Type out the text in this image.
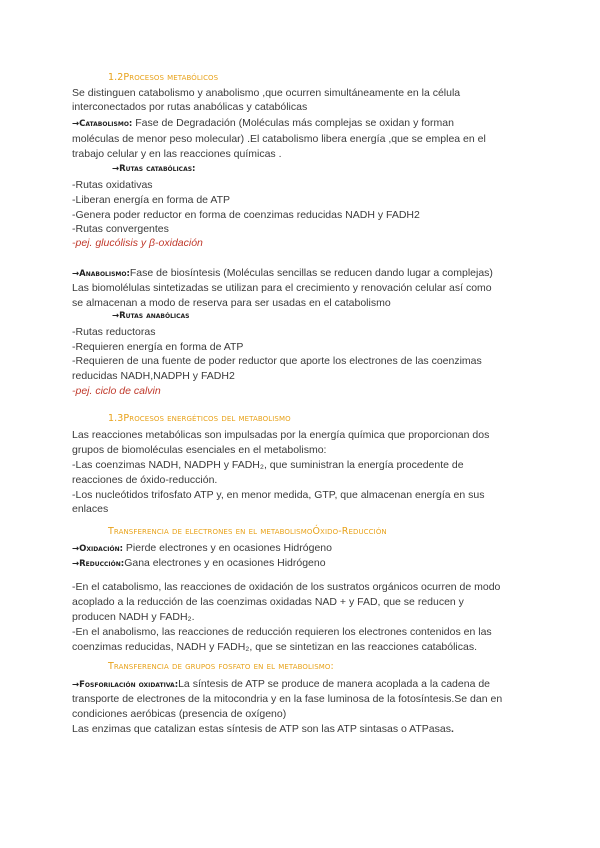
1.2Procesos metabólicos
Se distinguen catabolismo y anabolismo ,que ocurren simultáneamente en la célula
interconectados por rutas anabólicas y catabólicas
→Catabolismo: Fase de Degradación (Moléculas más complejas se oxidan y forman
moléculas de menor peso molecular) .El catabolismo libera energía ,que se emplea en el
trabajo celular y en las reacciones químicas .
→Rutas catabólicas:
-Rutas oxidativas
-Liberan energía en forma de ATP
-Genera poder reductor en forma de coenzimas reducidas NADH y FADH2
-Rutas convergentes
-pej. glucólisis y β-oxidación
→Anabolismo:Fase de biosíntesis (Moléculas sencillas se reducen dando lugar a complejas)
Las biomolélulas sintetizadas se utilizan para el crecimiento y renovación celular así como
se almacenan a modo de reserva para ser usadas en el catabolismo
→Rutas anabólicas
-Rutas reductoras
-Requieren energía en forma de ATP
-Requieren de una fuente de poder reductor que aporte los electrones de las coenzimas
reducidas NADH,NADPH y FADH2
-pej. ciclo de calvin
1.3Procesos energéticos del metabolismo
Las reacciones metabólicas son impulsadas por la energía química que proporcionan dos
grupos de biomoléculas esenciales en el metabolismo:
-Las coenzimas NADH, NADPH y FADH₂, que suministran la energía procedente de
reacciones de óxido-reducción.
-Los nucleótidos trifosfato ATP y, en menor medida, GTP, que almacenan energía en sus
enlaces
Transferencia de electrones en el metabolismoÓxido-Reducción
→Oxidación: Pierde electrones y en ocasiones Hidrógeno
→Reducción:Gana electrones y en ocasiones Hidrógeno
-En el catabolismo, las reacciones de oxidación de los sustratos orgánicos ocurren de modo
acoplado a la reducción de las coenzimas oxidadas NAD + y FAD, que se reducen y
producen NADH y FADH₂.
-En el anabolismo, las reacciones de reducción requieren los electrones contenidos en las
coenzimas reducidas, NADH y FADH₂, que se sintetizan en las reacciones catabólicas.
Transferencia de grupos fosfato en el metabolismo:
→Fosforilación oxidativa:La síntesis de ATP se produce de manera acoplada a la cadena de
transporte de electrones de la mitocondria y en la fase luminosa de la fotosíntesis.Se dan en
condiciones aeróbicas (presencia de oxígeno)
Las enzimas que catalizan estas síntesis de ATP son las ATP sintasas o ATPasas.
